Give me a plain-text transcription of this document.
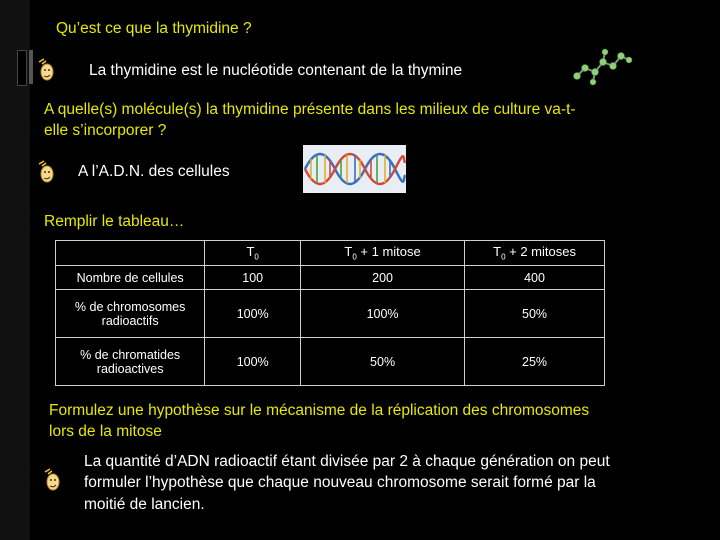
Qu’est ce que la thymidine ?
La thymidine est le nucléotide contenant de la thymine
A quelle(s) molécule(s) la thymidine présente dans les milieux de culture va-t-
elle s’incorporer ?
A l’A.D.N. des cellules
Remplir le tableau…
	$T_0$	$T_0 + 1$ mitose	$T_0 + 2$ mitoses
Nombre de cellules	100	200	400
% de chromosomes
radioactifs	100%	100%	50%
% de chromatides
radioactives	100%	50%	25%
Formulez une hypothèse sur le mécanisme de la réplication des chromosomes
lors de la mitose
La quantité d’ADN radioactif étant divisée par 2 à chaque génération on peut
formuler l’hypothèse que chaque nouveau chromosome serait formé par la
moitié de lancien.
